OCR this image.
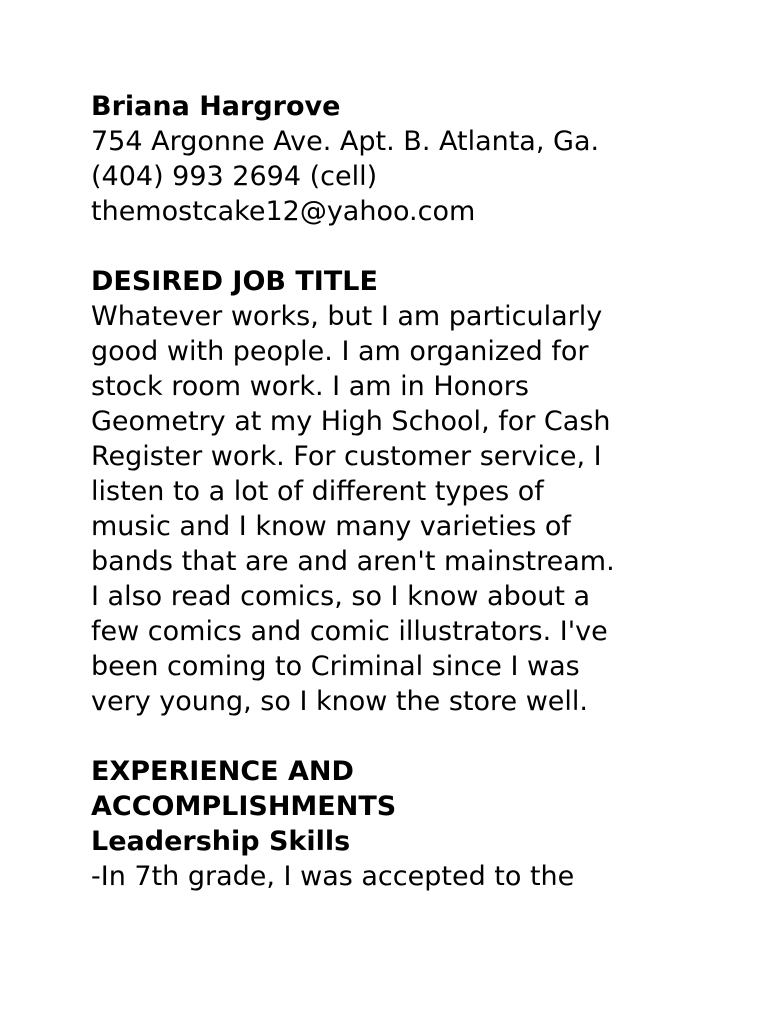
Briana Hargrove
754 Argonne Ave. Apt. B. Atlanta, Ga.
(404) 993 2694 (cell)
themostcake12@yahoo.com
DESIRED JOB TITLE
Whatever works, but I am particularly
good with people. I am organized for
stock room work. I am in Honors
Geometry at my High School, for Cash
Register work. For customer service, I
listen to a lot of different types of
music and I know many varieties of
bands that are and aren't mainstream.
I also read comics, so I know about a
few comics and comic illustrators. I've
been coming to Criminal since I was
very young, so I know the store well.
EXPERIENCE AND
ACCOMPLISHMENTS
Leadership Skills
-In 7th grade, I was accepted to the
